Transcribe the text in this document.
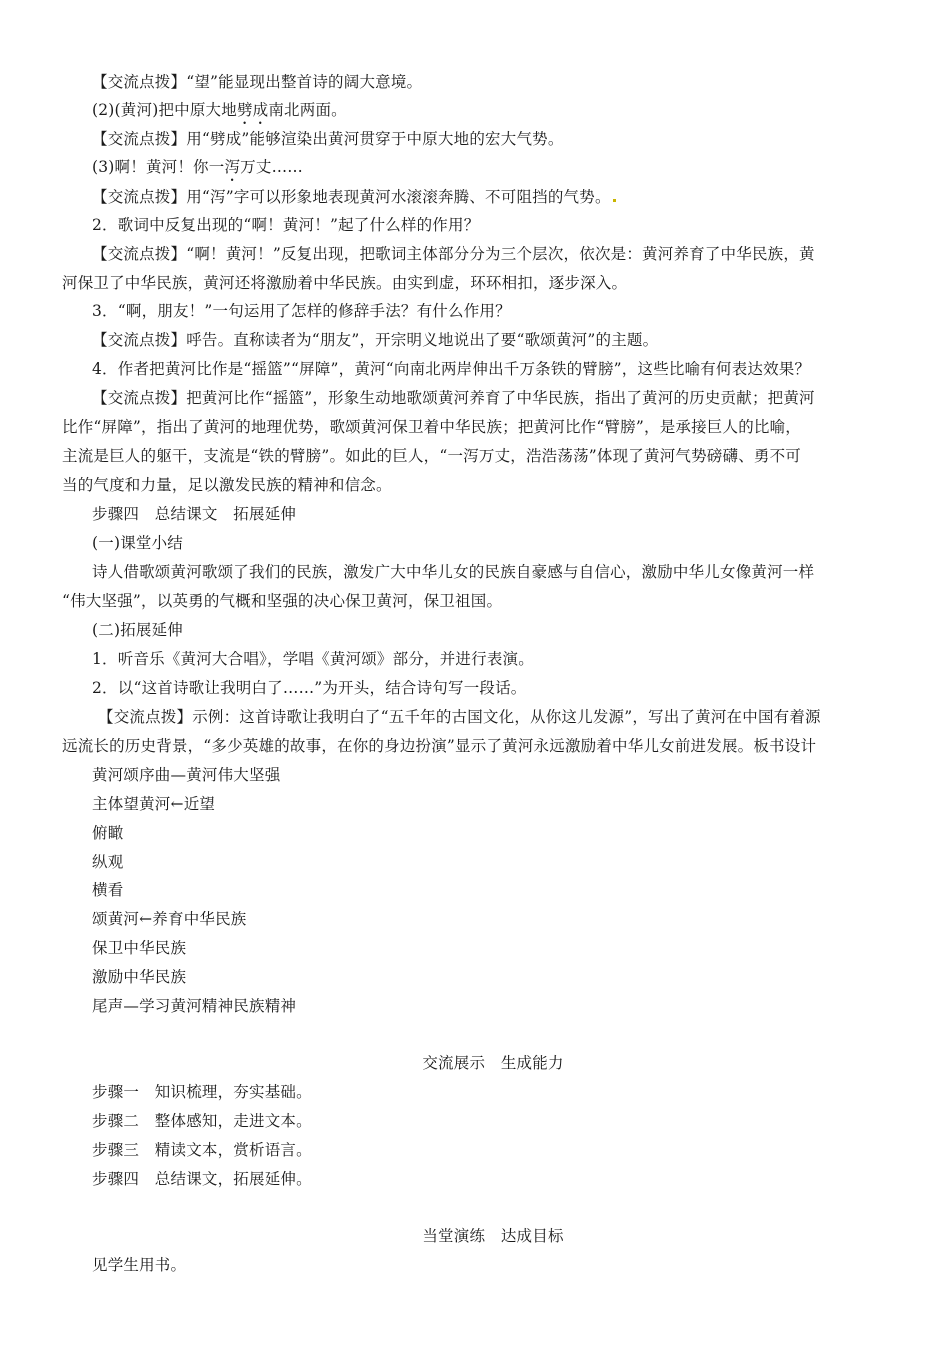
【交流点拨】“望”能显现出整首诗的阔大意境。
(2)(黄河)把中原大地劈成南北两面。
【交流点拨】用“劈成”能够渲染出黄河贯穿于中原大地的宏大气势。
(3)啊！黄河！你一泻万丈……
【交流点拨】用“泻”字可以形象地表现黄河水滚滚奔腾、不可阻挡的气势。
2．歌词中反复出现的“啊！黄河！”起了什么样的作用？
【交流点拨】“啊！黄河！”反复出现，把歌词主体部分分为三个层次，依次是：黄河养育了中华民族，黄
河保卫了中华民族，黄河还将激励着中华民族。由实到虚，环环相扣，逐步深入。
3．“啊，朋友！”一句运用了怎样的修辞手法？有什么作用？
【交流点拨】呼告。直称读者为“朋友”，开宗明义地说出了要“歌颂黄河”的主题。
4．作者把黄河比作是“摇篮”“屏障”，黄河“向南北两岸伸出千万条铁的臂膀”，这些比喻有何表达效果？
【交流点拨】把黄河比作“摇篮”，形象生动地歌颂黄河养育了中华民族，指出了黄河的历史贡献；把黄河
比作“屏障”，指出了黄河的地理优势，歌颂黄河保卫着中华民族；把黄河比作“臂膀”，是承接巨人的比喻，
主流是巨人的躯干，支流是“铁的臂膀”。如此的巨人，“一泻万丈，浩浩荡荡”体现了黄河气势磅礴、勇不可
当的气度和力量，足以激发民族的精神和信念。
步骤四　总结课文　拓展延伸
(一)课堂小结
诗人借歌颂黄河歌颂了我们的民族，激发广大中华儿女的民族自豪感与自信心，激励中华儿女像黄河一样
“伟大坚强”，以英勇的气概和坚强的决心保卫黄河，保卫祖国。
(二)拓展延伸
1．听音乐《黄河大合唱》，学唱《黄河颂》部分，并进行表演。
2．以“这首诗歌让我明白了……”为开头，结合诗句写一段话。
【交流点拨】示例：这首诗歌让我明白了“五千年的古国文化，从你这儿发源”，写出了黄河在中国有着源
远流长的历史背景，“多少英雄的故事，在你的身边扮演”显示了黄河永远激励着中华儿女前进发展。板书设计
黄河颂序曲—黄河伟大坚强
主体望黄河←近望
俯瞰
纵观
横看
颂黄河←养育中华民族
保卫中华民族
激励中华民族
尾声—学习黄河精神民族精神
交流展示　生成能力
步骤一　知识梳理，夯实基础。
步骤二　整体感知，走进文本。
步骤三　精读文本，赏析语言。
步骤四　总结课文，拓展延伸。
当堂演练　达成目标
见学生用书。
